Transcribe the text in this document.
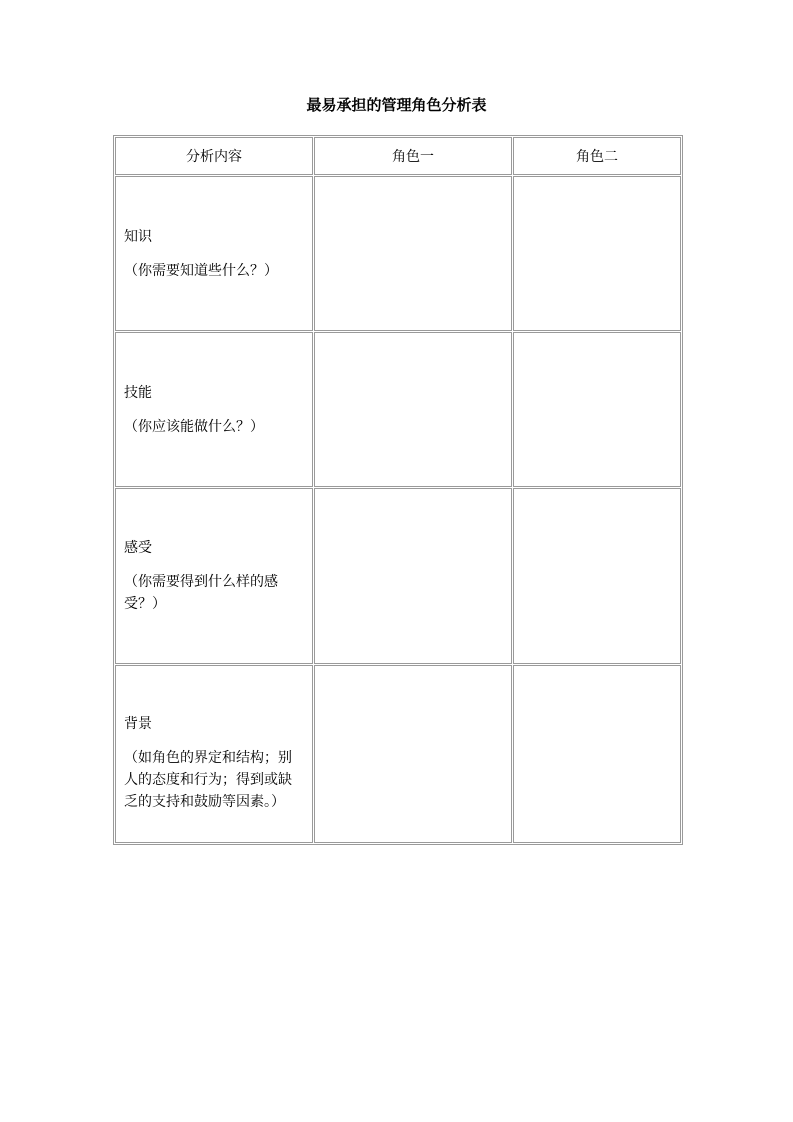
最易承担的管理角色分析表
分析内容	角色一	角色二

知识
（你需要知道些什么？）		

技能
（你应该能做什么？）		

感受
（你需要得到什么样的感受？）		

背景
（如角色的界定和结构；别人的态度和行为；得到或缺乏的支持和鼓励等因素。）		
